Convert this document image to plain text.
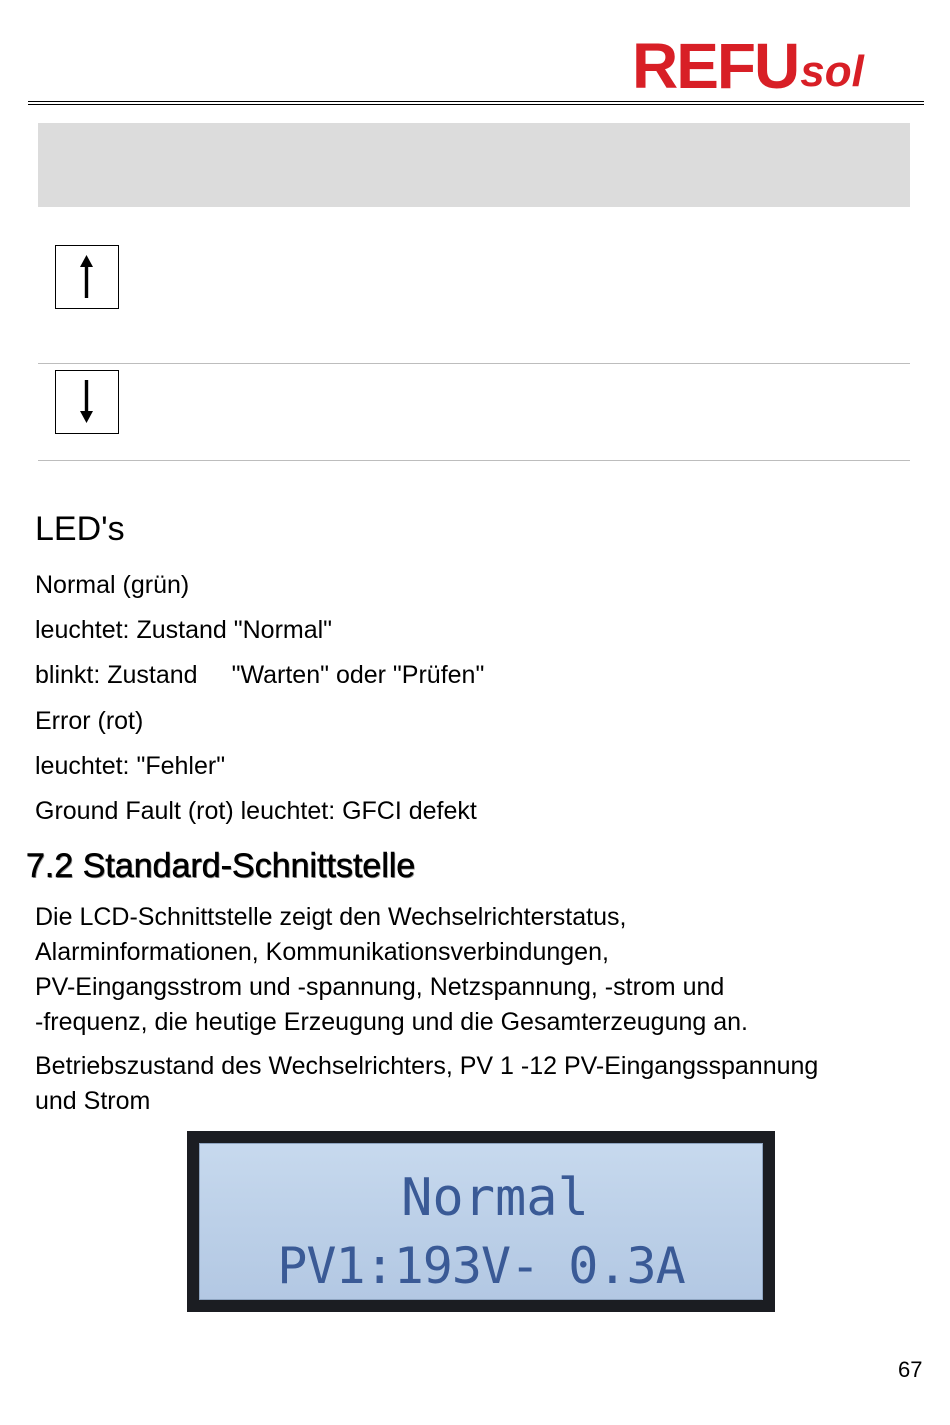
REFU sol
LED's
Normal (grün)
leuchtet: Zustand "Normal"
blinkt: Zustand "Warten" oder "Prüfen"
Error (rot)
leuchtet: "Fehler"
Ground Fault (rot) leuchtet: GFCI defekt
7.2 Standard-Schnittstelle
Die LCD-Schnittstelle zeigt den Wechselrichterstatus,
Alarminformationen, Kommunikationsverbindungen,
PV-Eingangsstrom und -spannung, Netzspannung, -strom und
-frequenz, die heutige Erzeugung und die Gesamterzeugung an.
Betriebszustand des Wechselrichters, PV 1 -12 PV-Eingangsspannung
und Strom
Normal
PV1:193V- 0.3A
67
